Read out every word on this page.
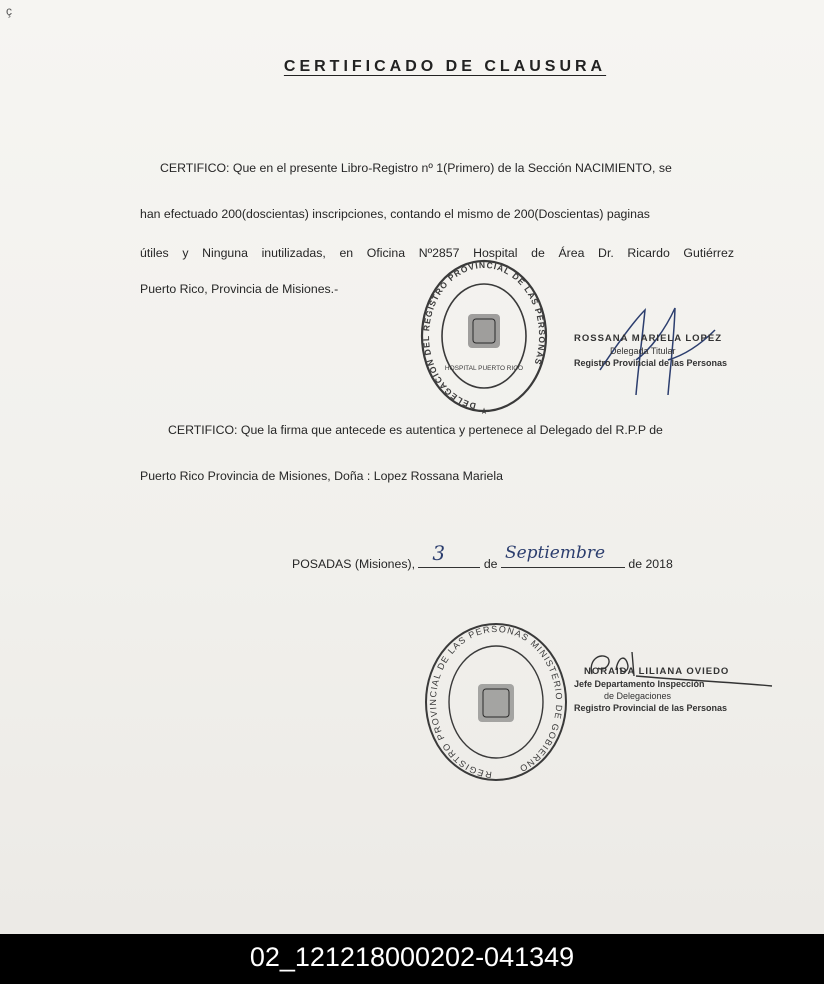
ç
CERTIFICADO DE CLAUSURA
CERTIFICO: Que en el presente Libro-Registro nº 1(Primero) de la Sección NACIMIENTO, se
han efectuado 200(doscientas) inscripciones, contando el mismo de 200(Doscientas) paginas
útiles y Ninguna inutilizadas, en Oficina Nº2857 Hospital de Área Dr. Ricardo Gutiérrez
Puerto Rico, Provincia de Misiones.-
DELEGACION DEL REGISTRO PROVINCIAL DE LAS PERSONAS
HOSPITAL PUERTO RICO
★
ROSSANA MARIELA LOPEZ
Delegada Titular
Registro Provincial de las Personas
CERTIFICO: Que la firma que antecede es autentica y pertenece al Delegado del R.P.P de
Puerto Rico Provincia de Misiones, Doña : Lopez Rossana Mariela
POSADAS (Misiones), 3	de
Septiembre
de 2018
REGISTRO PROVINCIAL DE LAS PERSONAS MINISTERIO DE GOBIERNO
NORAIDA LILIANA OVIEDO
Jefe Departamento Inspección
de Delegaciones
Registro Provincial de las Personas
02_121218000202-041349
